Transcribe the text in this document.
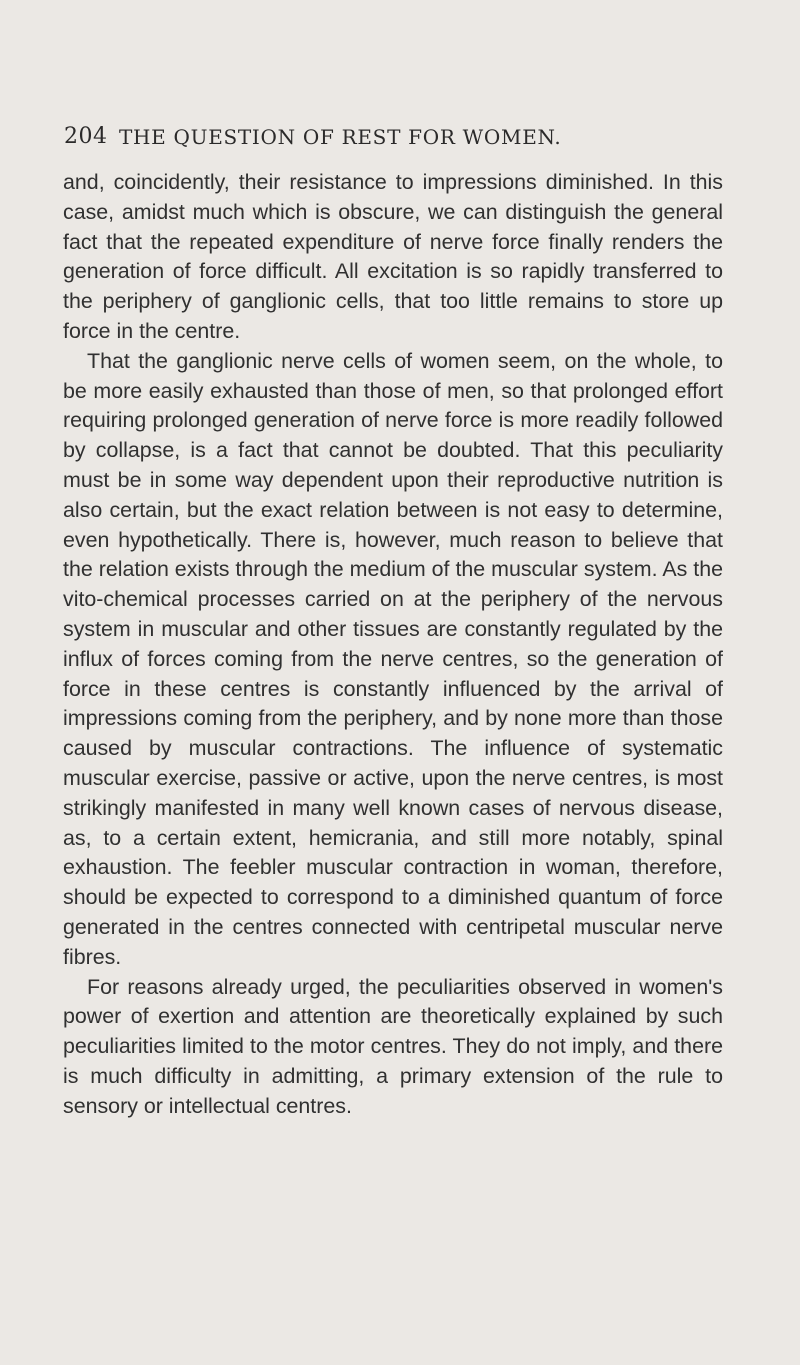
204 THE QUESTION OF REST FOR WOMEN.

and, coincidently, their resistance to impressions diminished. In this case, amidst much which is obscure, we can distinguish the general fact that the repeated expenditure of nerve force finally renders the generation of force difficult. All excitation is so rapidly transferred to the periphery of ganglionic cells, that too little remains to store up force in the centre.

That the ganglionic nerve cells of women seem, on the whole, to be more easily exhausted than those of men, so that prolonged effort requiring prolonged generation of nerve force is more readily followed by collapse, is a fact that cannot be doubted. That this peculiarity must be in some way dependent upon their reproductive nutrition is also certain, but the exact relation between is not easy to determine, even hypothetically. There is, however, much reason to believe that the relation exists through the medium of the muscular system. As the vito-chemical processes carried on at the periphery of the nervous system in muscular and other tissues are constantly regulated by the influx of forces coming from the nerve centres, so the generation of force in these centres is constantly influenced by the arrival of impressions coming from the periphery, and by none more than those caused by muscular contractions. The influence of systematic muscular exercise, passive or active, upon the nerve centres, is most strikingly manifested in many well known cases of nervous disease, as, to a certain extent, hemicrania, and still more notably, spinal exhaustion. The feebler muscular contraction in woman, therefore, should be expected to correspond to a diminished quantum of force generated in the centres connected with centripetal muscular nerve fibres.

For reasons already urged, the peculiarities observed in women's power of exertion and attention are theoretically explained by such peculiarities limited to the motor centres. They do not imply, and there is much difficulty in admitting, a primary extension of the rule to sensory or intellectual centres.
